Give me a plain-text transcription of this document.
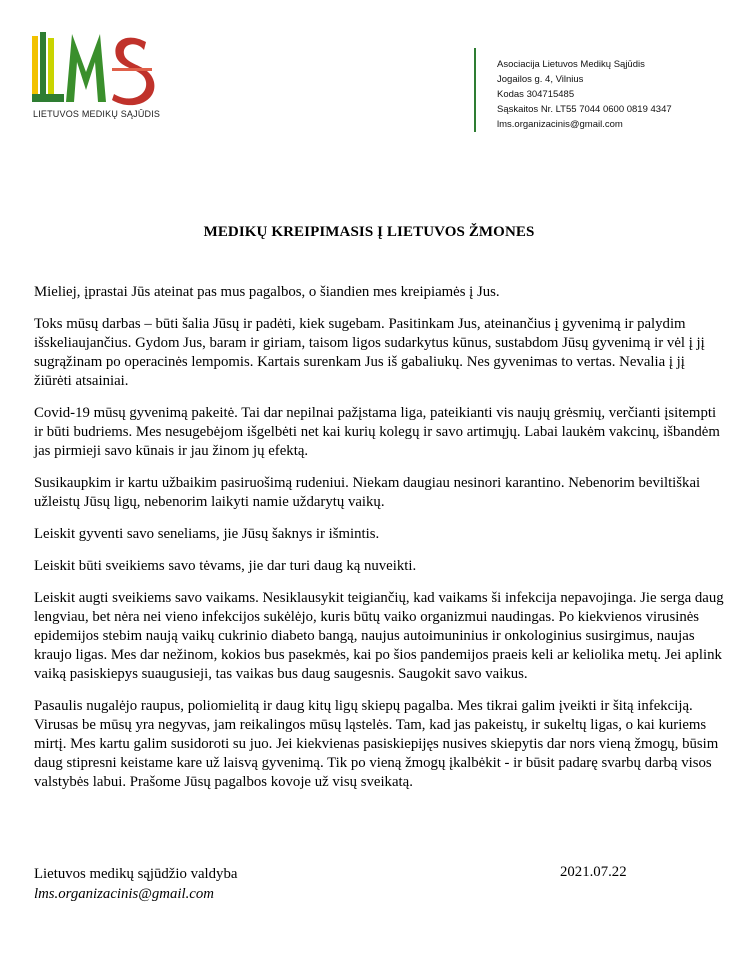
LIETUVOS MEDIKŲ SĄJŪDIS
Asociacija Lietuvos Medikų Sąjūdis
Jogailos g. 4, Vilnius
Kodas 304715485
Sąskaitos Nr. LT55 7044 0600 0819 4347
lms.organizacinis@gmail.com
MEDIKŲ KREIPIMASIS Į LIETUVOS ŽMONES

Mieliej, įprastai Jūs ateinat pas mus pagalbos, o šiandien mes kreipiamės į Jus.

Toks mūsų darbas – būti šalia Jūsų ir padėti, kiek sugebam. Pasitinkam Jus, ateinančius į gyvenimą ir palydim išskeliaujančius. Gydom Jus, baram ir giriam, taisom ligos sudarkytus kūnus, sustabdom Jūsų gyvenimą ir vėl į jį sugrąžinam po operacinės lempomis. Kartais surenkam Jus iš gabaliukų. Nes gyvenimas to vertas. Nevalia į jį žiūrėti atsainiai.

Covid-19 mūsų gyvenimą pakeitė. Tai dar nepilnai pažįstama liga, pateikianti vis naujų grėsmių, verčianti įsitempti ir būti budriems. Mes nesugebėjom išgelbėti net kai kurių kolegų ir savo artimųjų. Labai laukėm vakcinų, išbandėm jas pirmieji savo kūnais ir jau žinom jų efektą.

Susikaupkim ir kartu užbaikim pasiruošimą rudeniui. Niekam daugiau nesinori karantino. Nebenorim beviltiškai užleistų Jūsų ligų, nebenorim laikyti namie uždarytų vaikų.

Leiskit gyventi savo seneliams, jie Jūsų šaknys ir išmintis.

Leiskit būti sveikiems savo tėvams, jie dar turi daug ką nuveikti.

Leiskit augti sveikiems savo vaikams. Nesiklausykit teigiančių, kad vaikams ši infekcija nepavojinga. Jie serga daug lengviau, bet nėra nei vieno infekcijos sukėlėjo, kuris būtų vaiko organizmui naudingas. Po kiekvienos virusinės epidemijos stebim naują vaikų cukrinio diabeto bangą, naujus autoimuninius ir onkologinius susirgimus, naujas kraujo ligas. Mes dar nežinom, kokios bus pasekmės, kai po šios pandemijos praeis keli ar keliolika metų. Jei aplink vaiką pasiskiepys suaugusieji, tas vaikas bus daug saugesnis. Saugokit savo vaikus.

Pasaulis nugalėjo raupus, poliomielitą ir daug kitų ligų skiepų pagalba. Mes tikrai galim įveikti ir šitą infekciją. Virusas be mūsų yra negyvas, jam reikalingos mūsų ląstelės. Tam, kad jas pakeistų, ir sukeltų ligas, o kai kuriems mirtį. Mes kartu galim susidoroti su juo. Jei kiekvienas pasiskiepijęs nusives skiepytis dar nors vieną žmogų, būsim daug stipresni keistame kare už laisvą gyvenimą. Tik po vieną žmogų įkalbėkit - ir būsit padarę svarbų darbą visos valstybės labui. Prašome Jūsų pagalbos kovoje už visų sveikatą.

Lietuvos medikų sąjūdžio valdyba
lms.organizacinis@gmail.com
2021.07.22
